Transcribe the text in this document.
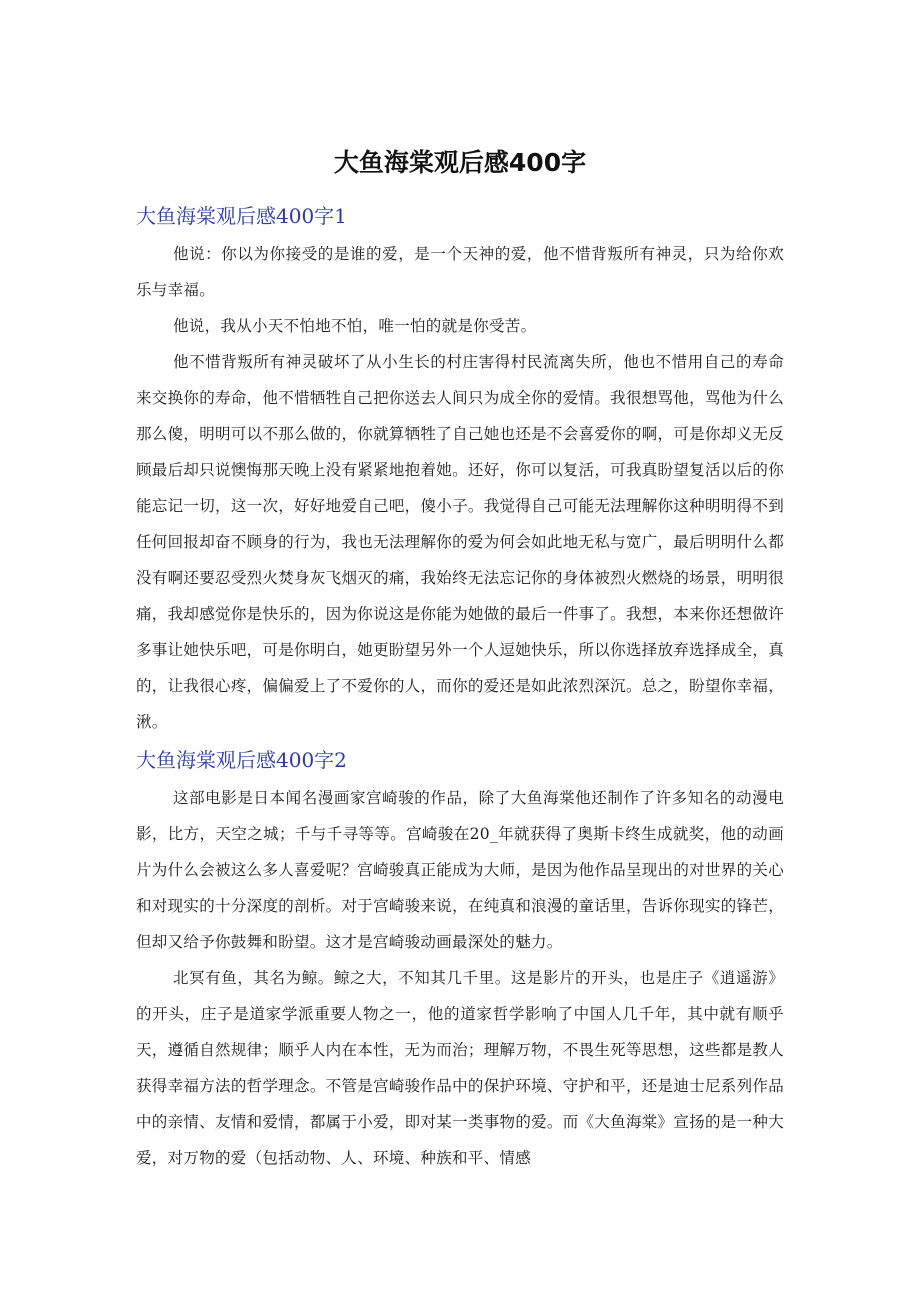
大鱼海棠观后感400字
大鱼海棠观后感400字1

他说：你以为你接受的是谁的爱，是一个天神的爱，他不惜背叛所有神灵，只为给你欢乐与幸福。

他说，我从小天不怕地不怕，唯一怕的就是你受苦。

他不惜背叛所有神灵破坏了从小生长的村庄害得村民流离失所，他也不惜用自己的寿命来交换你的寿命，他不惜牺牲自己把你送去人间只为成全你的爱情。我很想骂他，骂他为什么那么傻，明明可以不那么做的，你就算牺牲了自己她也还是不会喜爱你的啊，可是你却义无反顾最后却只说懊悔那天晚上没有紧紧地抱着她。还好，你可以复活，可我真盼望复活以后的你能忘记一切，这一次，好好地爱自己吧，傻小子。我觉得自己可能无法理解你这种明明得不到任何回报却奋不顾身的行为，我也无法理解你的爱为何会如此地无私与宽广，最后明明什么都没有啊还要忍受烈火焚身灰飞烟灭的痛，我始终无法忘记你的身体被烈火燃烧的场景，明明很痛，我却感觉你是快乐的，因为你说这是你能为她做的最后一件事了。我想，本来你还想做许多事让她快乐吧，可是你明白，她更盼望另外一个人逗她快乐，所以你选择放弃选择成全，真的，让我很心疼，偏偏爱上了不爱你的人，而你的爱还是如此浓烈深沉。总之，盼望你幸福，湫。

大鱼海棠观后感400字2

这部电影是日本闻名漫画家宫崎骏的作品，除了大鱼海棠他还制作了许多知名的动漫电影，比方，天空之城；千与千寻等等。宫崎骏在20_年就获得了奥斯卡终生成就奖，他的动画片为什么会被这么多人喜爱呢？宫崎骏真正能成为大师，是因为他作品呈现出的对世界的关心和对现实的十分深度的剖析。对于宫崎骏来说，在纯真和浪漫的童话里，告诉你现实的锋芒，但却又给予你鼓舞和盼望。这才是宫崎骏动画最深处的魅力。

北冥有鱼，其名为鲸。鲸之大，不知其几千里。这是影片的开头，也是庄子《逍遥游》的开头，庄子是道家学派重要人物之一，他的道家哲学影响了中国人几千年，其中就有顺乎天，遵循自然规律；顺乎人内在本性，无为而治；理解万物，不畏生死等思想，这些都是教人获得幸福方法的哲学理念。不管是宫崎骏作品中的保护环境、守护和平，还是迪士尼系列作品中的亲情、友情和爱情，都属于小爱，即对某一类事物的爱。而《大鱼海棠》宣扬的是一种大爱，对万物的爱（包括动物、人、环境、种族和平、情感
